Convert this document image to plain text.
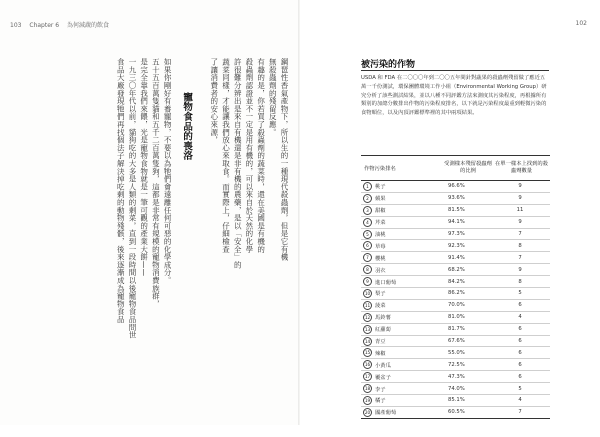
103 Chapter 6 為何減蔬的飲食
鋼琶性香氣產物下，所以生的一種現代殺蟲劑，但是它有機
無殺蟲劑的殘留反應。
有趣的是，你若買了殺蟲劑的蔬菜時，還在美國是有機的
殺蟲劑認證並不一定是用有機的，可以來自於天然的化學
許很難分辨出是來自有機還是非有機的農藥，是以「安全」的
蔬菜同樣，才能讓我們放心來取食。而實際上，仔細檢查
了讓消費者的安心來源，
寵物食品的喪洛
如果你剛好有養寵物，不要以為牠們會遠離任何可惡的化學成分。
五十五百萬隻貓和五千二百萬隻狗，這都是非常有規模的寵物消費族群，
是完全靠我們來餵，光是寵物食物就是一筆可觀的產業大餅——
一九三〇年代以前，貓狗吃的大多是人類的剩菜，直到一段時間以後寵物食品問世
食品大廠發現牠們再找個法子解決掉吃剩的動物殘骸，後來逐漸成為寵物食品
102
被污染的作物
USDA 和 FDA 在二〇〇〇年到二〇〇五年間針對蔬果的殺蟲劑殘留做了應近五萬一千份測試，環保團體環境工作小組（Environmental Working Group）研究分析了該些測試結果，並以八種不同評鑑方法來測度其污染程度，再根據所有類別的加總分數排出作物的污染程度排名，以下就是污染程度最重到輕微污染的食物順位，以及內頂評鑑標準裡的其中兩項結果。
作物污染排名
受測樣本殘留殺蟲劑的比例
在單一樣本上找到的殺蟲劑數量
1	桃子	96.6%	9
2	蘋果	93.6%	9
3	甜椒	81.5%	11
4	芹菜	94.1%	9
5	油桃	97.3%	7
6	草莓	92.3%	8
7	櫻桃	91.4%	7
8	羽衣	68.2%	9
9	進口葡萄	84.2%	8
10 梨子	86.2%	5
11 菠菜	70.0%	6
12 馬鈴薯	81.0%	4
13 紅蘿蔔	81.7%	6
14 青豆	67.6%	6
15 辣椒	55.0%	6
16 小黃瓜	72.5%	6
17 覆盆子	47.3%	6
18 李子	74.0%	5
19 橘子	85.1%	4
20 國產葡萄	60.5%	7
